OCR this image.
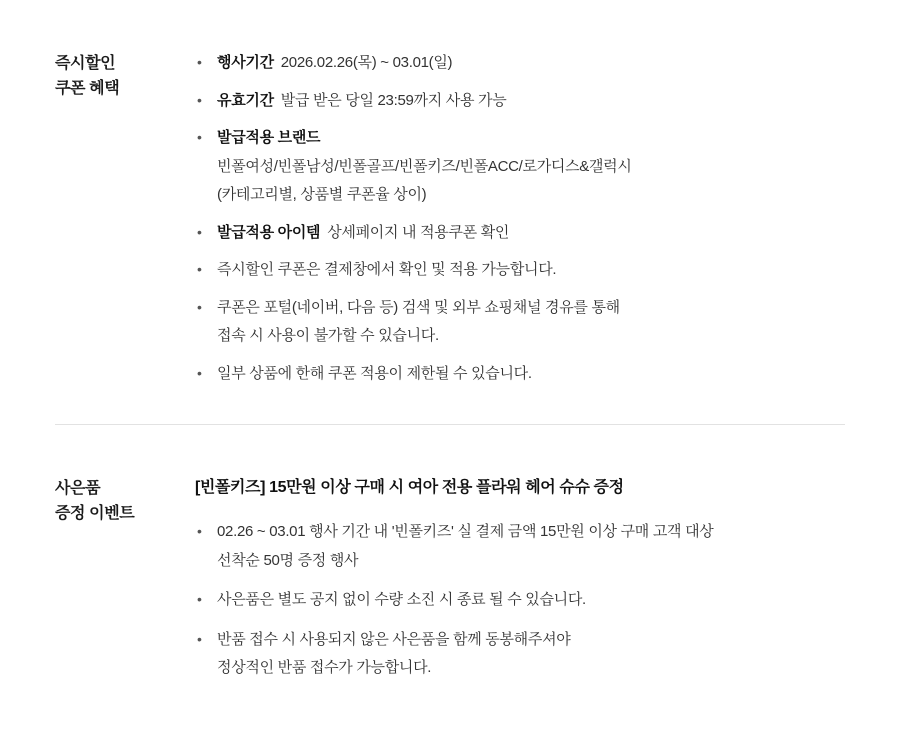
즉시할인
쿠폰 혜택
• 행사기간 2026.02.26(목) ~ 03.01(일)
• 유효기간 발급 받은 당일 23:59까지 사용 가능
• 발급적용 브랜드
빈폴여성/빈폴남성/빈폴골프/빈폴키즈/빈폴ACC/로가디스&갤럭시
(카테고리별, 상품별 쿠폰율 상이)
• 발급적용 아이템 상세페이지 내 적용쿠폰 확인
• 즉시할인 쿠폰은 결제창에서 확인 및 적용 가능합니다.
• 쿠폰은 포털(네이버, 다음 등) 검색 및 외부 쇼핑채널 경유를 통해
접속 시 사용이 불가할 수 있습니다.
• 일부 상품에 한해 쿠폰 적용이 제한될 수 있습니다.
사은품
증정 이벤트
[빈폴키즈] 15만원 이상 구매 시 여아 전용 플라워 헤어 슈슈 증정
• 02.26 ~ 03.01 행사 기간 내 '빈폴키즈' 실 결제 금액 15만원 이상 구매 고객 대상
선착순 50명 증정 행사
• 사은품은 별도 공지 없이 수량 소진 시 종료 될 수 있습니다.
• 반품 접수 시 사용되지 않은 사은품을 함께 동봉해주셔야
정상적인 반품 접수가 가능합니다.
